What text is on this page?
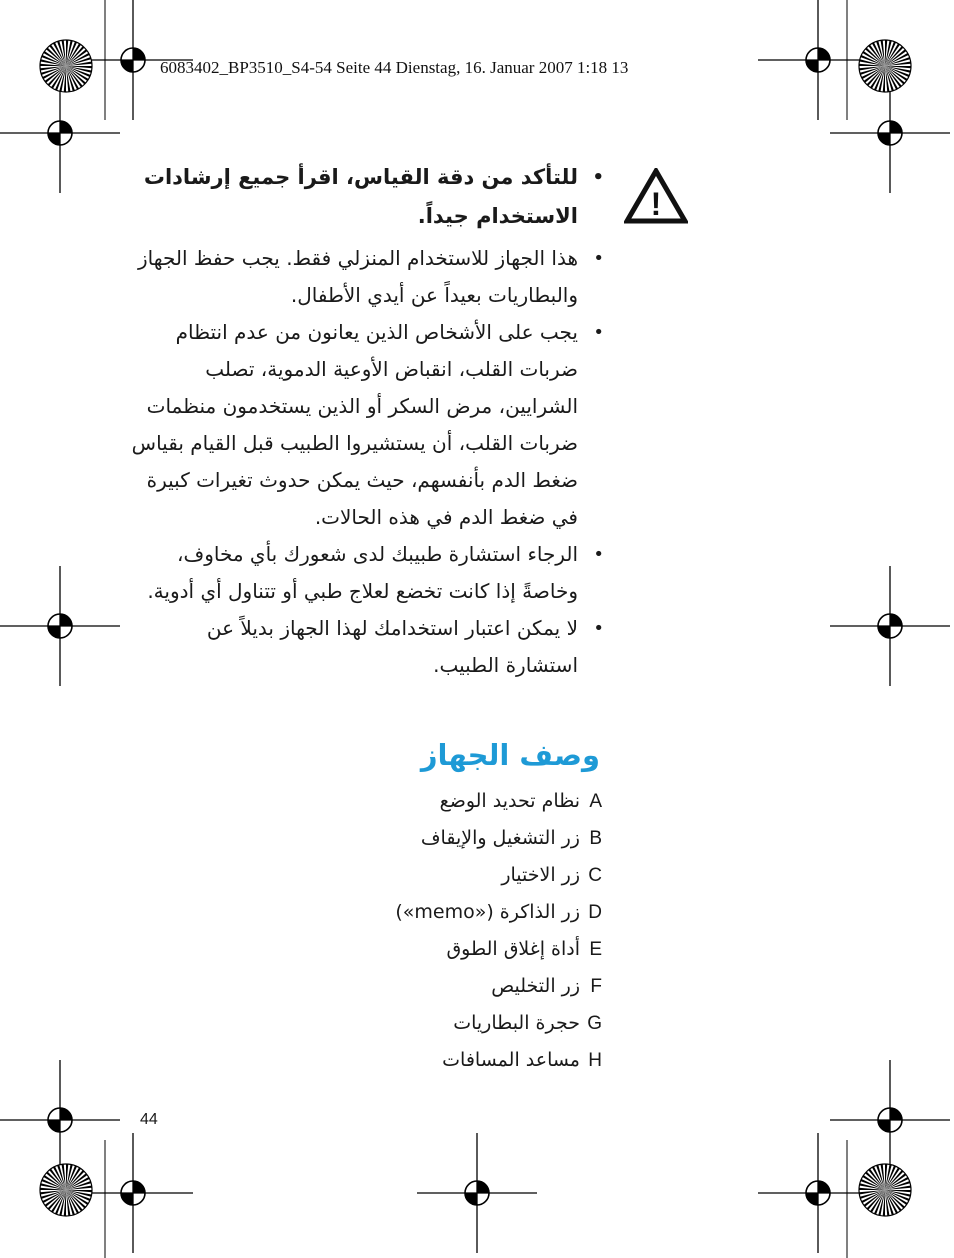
6083402_BP3510_S4-54 Seite 44 Dienstag, 16. Januar 2007 1:18 13
!
• للتأكد من دقة القياس، اقرأ جميع إرشادات الاستخدام جيداً.
• هذا الجهاز للاستخدام المنزلي فقط. يجب حفظ الجهاز والبطاريات بعيداً عن أيدي الأطفال.
• يجب على الأشخاص الذين يعانون من عدم انتظام ضربات القلب، انقباض الأوعية الدموية، تصلب الشرايين، مرض السكر أو الذين يستخدمون منظمات ضربات القلب، أن يستشيروا الطبيب قبل القيام بقياس ضغط الدم بأنفسهم، حيث يمكن حدوث تغيرات كبيرة في ضغط الدم في هذه الحالات.
• الرجاء استشارة طبيبك لدى شعورك بأي مخاوف، وخاصةً إذا كانت تخضع لعلاج طبي أو تتناول أي أدوية.
• لا يمكن اعتبار استخدامك لهذا الجهاز بديلاً عن استشارة الطبيب.
وصف الجهاز
نظام تحديد الوضع A
زر التشغيل والإيقاف B
زر الاختيار C
زر الذاكرة («memo») D
أداة إغلاق الطوق E
زر التخليص F
حجرة البطاريات G
مساعد المسافات H
44
